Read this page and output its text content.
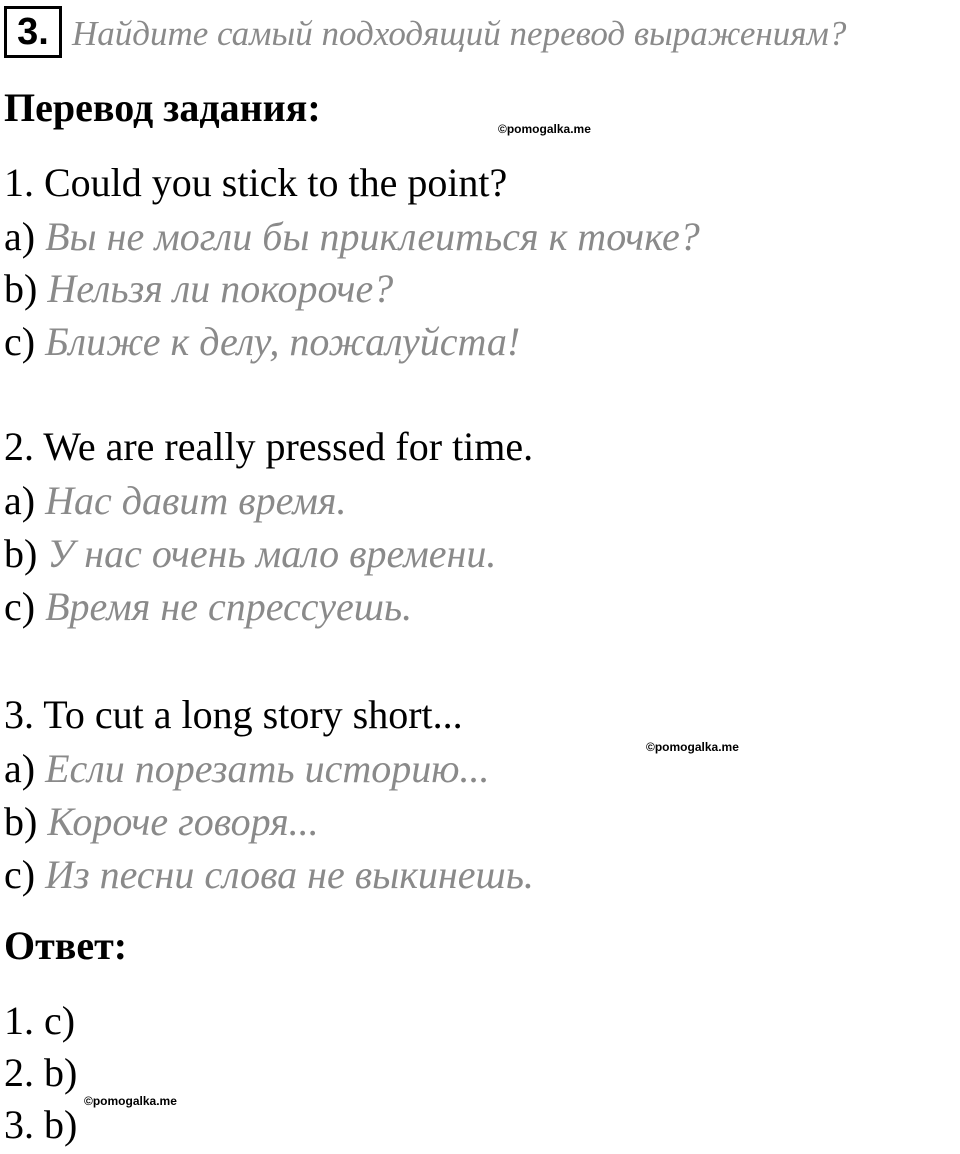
3. Найдите самый подходящий перевод выражениям?
Перевод задания:	©pomogalka.me
1. Could you stick to the point?
a) Вы не могли бы приклеиться к точке?
b) Нельзя ли покороче?
c) Ближе к делу, пожалуйста!
2. We are really pressed for time.
a) Нас давит время.
b) У нас очень мало времени.
c) Время не спрессуешь.
3. To cut a long story short...
©pomogalka.me
a) Если порезать историю...
b) Короче говоря...
c) Из песни слова не выкинешь.
Ответ:
1. c)
2. b)
©pomogalka.me
3. b)
